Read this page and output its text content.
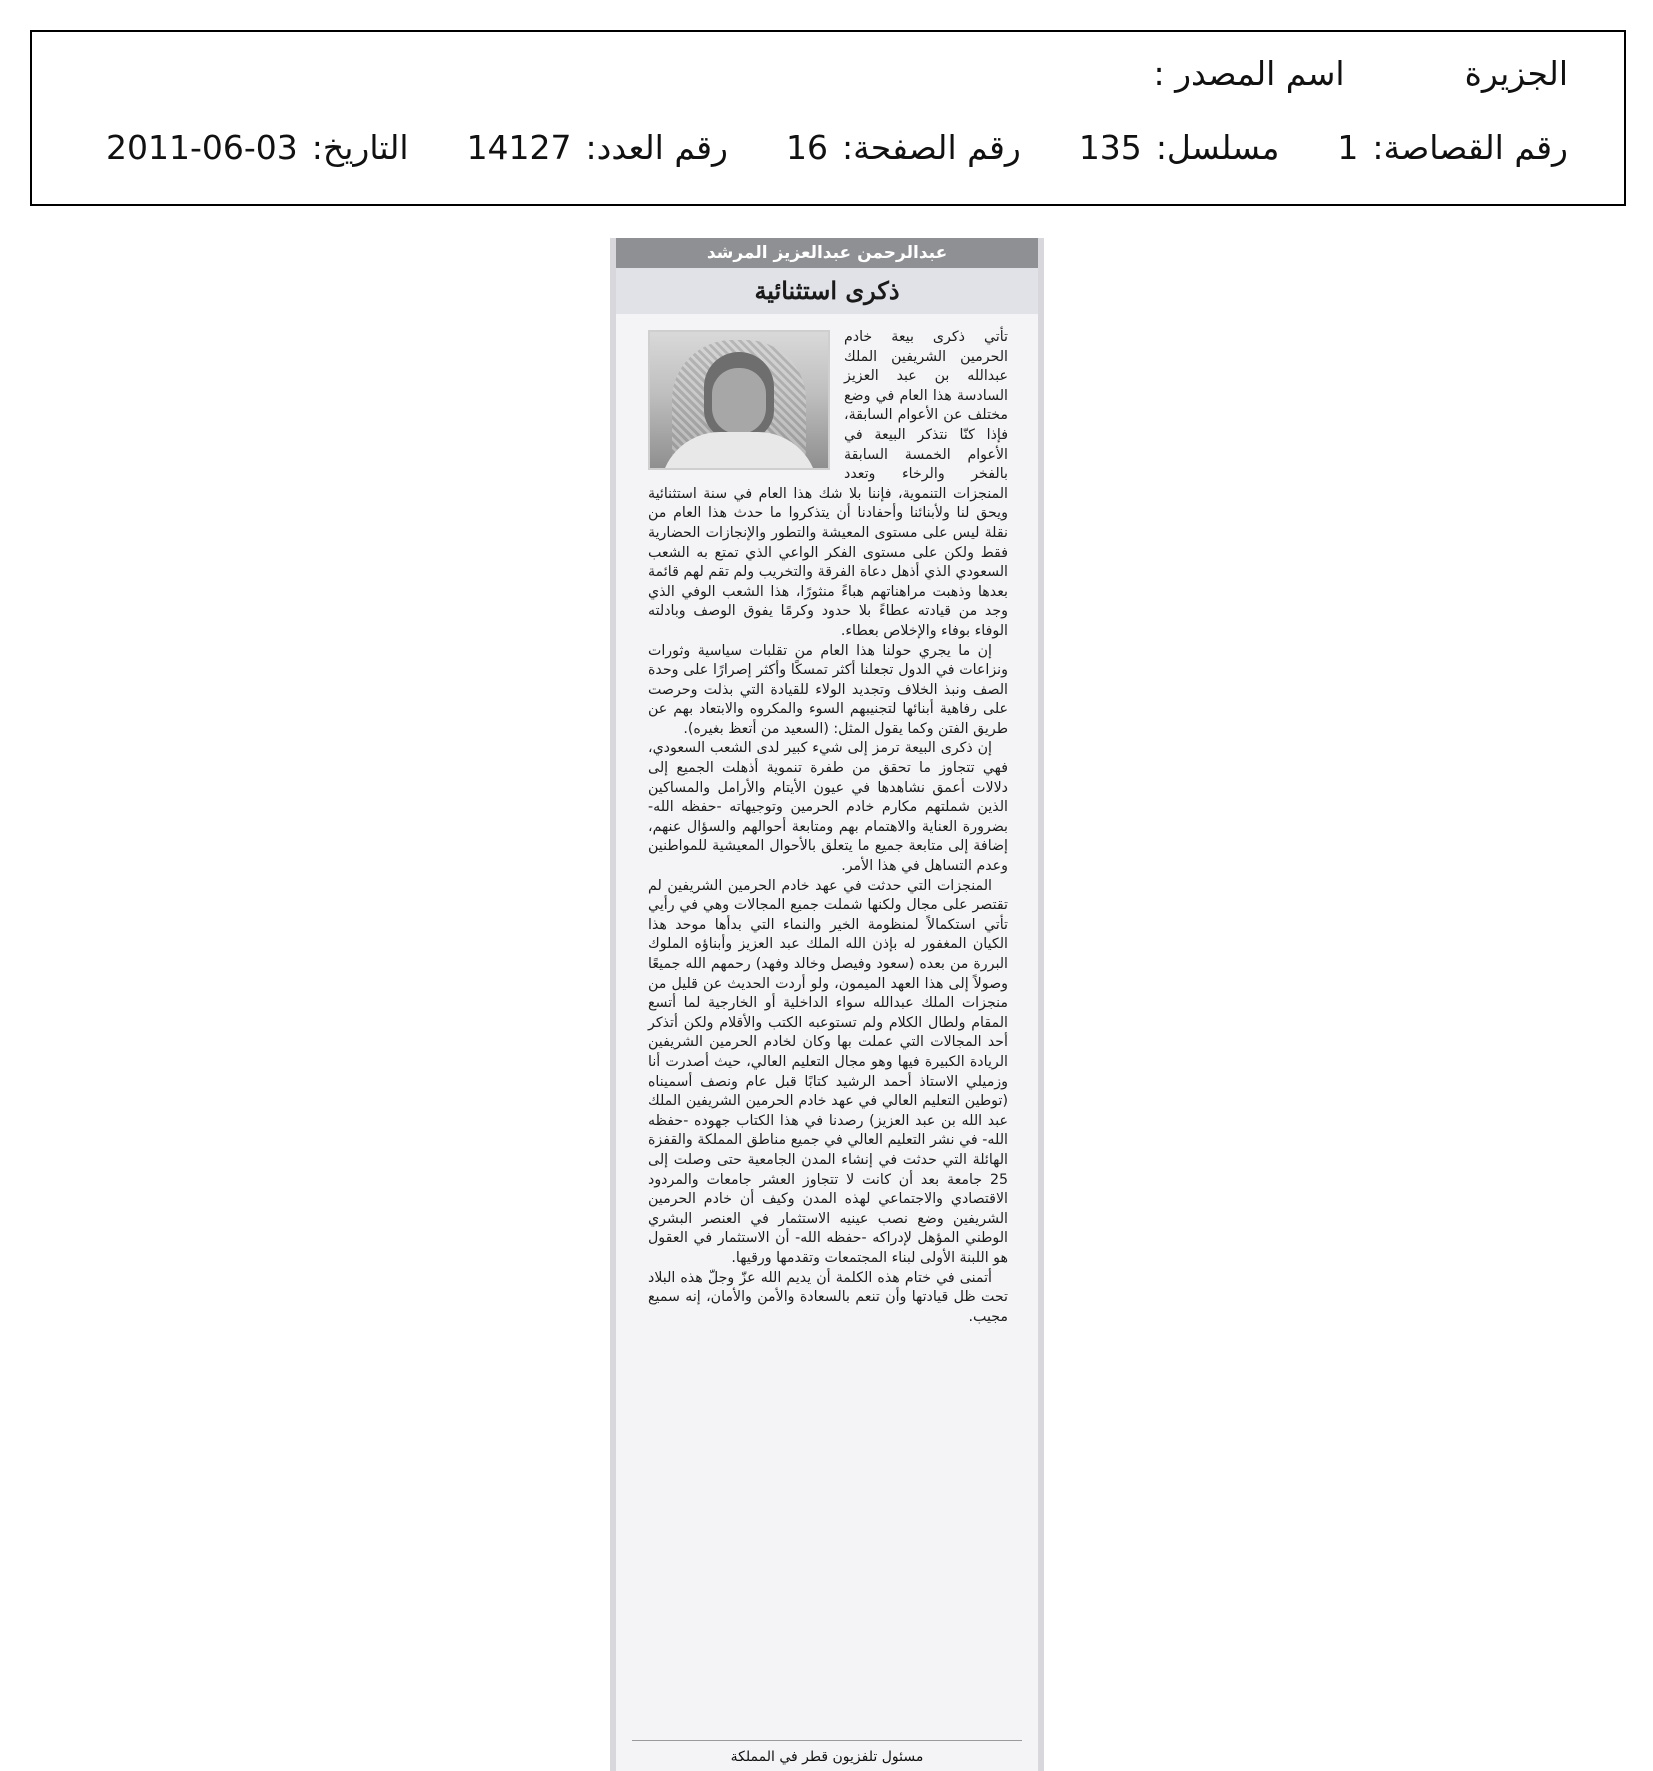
اسم المصدر :	الجزيرة
التاريخ:
2011-06-03	رقم العدد:
14127	رقم الصفحة:
16	مسلسل:
135	رقم القصاصة:
1
عبدالرحمن عبدالعزيز المرشد
ذكرى استثنائية

تأتي ذكرى بيعة خادم الحرمين الشريفين الملك عبدالله بن عبد العزيز السادسة هذا العام في وضع مختلف عن الأعوام السابقة، فإذا كنّا نتذكر البيعة في الأعوام الخمسة السابقة بالفخر والرخاء وتعدد المنجزات التنموية، فإننا بلا شك هذا العام في سنة استثنائية ويحق لنا ولأبنائنا وأحفادنا أن يتذكروا ما حدث هذا العام من نقلة ليس على مستوى المعيشة والتطور والإنجازات الحضارية فقط ولكن على مستوى الفكر الواعي الذي تمتع به الشعب السعودي الذي أذهل دعاة الفرقة والتخريب ولم تقم لهم قائمة بعدها وذهبت مراهناتهم هباءً منثورًا، هذا الشعب الوفي الذي وجد من قيادته عطاءً بلا حدود وكرمًا يفوق الوصف وبادلته الوفاء بوفاء والإخلاص بعطاء.

إن ما يجري حولنا هذا العام من تقلبات سياسية وثورات ونزاعات في الدول تجعلنا أكثر تمسكًا وأكثر إصرارًا على وحدة الصف ونبذ الخلاف وتجديد الولاء للقيادة التي بذلت وحرصت على رفاهية أبنائها لتجنيبهم السوء والمكروه والابتعاد بهم عن طريق الفتن وكما يقول المثل: (السعيد من أتعظ بغيره).

إن ذكرى البيعة ترمز إلى شيء كبير لدى الشعب السعودي، فهي تتجاوز ما تحقق من طفرة تنموية أذهلت الجميع إلى دلالات أعمق نشاهدها في عيون الأيتام والأرامل والمساكين الذين شملتهم مكارم خادم الحرمين وتوجيهاته -حفظه الله- بضرورة العناية والاهتمام بهم ومتابعة أحوالهم والسؤال عنهم، إضافة إلى متابعة جميع ما يتعلق بالأحوال المعيشية للمواطنين وعدم التساهل في هذا الأمر.

المنجزات التي حدثت في عهد خادم الحرمين الشريفين لم تقتصر على مجال ولكنها شملت جميع المجالات وهي في رأيي تأتي استكمالاً لمنظومة الخير والنماء التي بدأها موحد هذا الكيان المغفور له بإذن الله الملك عبد العزيز وأبناؤه الملوك البررة من بعده (سعود وفيصل وخالد وفهد) رحمهم الله جميعًا وصولاً إلى هذا العهد الميمون، ولو أردت الحديث عن قليل من منجزات الملك عبدالله سواء الداخلية أو الخارجية لما أتسع المقام ولطال الكلام ولم تستوعبه الكتب والأقلام ولكن أتذكر أحد المجالات التي عملت بها وكان لخادم الحرمين الشريفين الريادة الكبيرة فيها وهو مجال التعليم العالي، حيث أصدرت أنا وزميلي الاستاذ أحمد الرشيد كتابًا قبل عام ونصف أسميناه (توطين التعليم العالي في عهد خادم الحرمين الشريفين الملك عبد الله بن عبد العزيز) رصدنا في هذا الكتاب جهوده -حفظه الله- في نشر التعليم العالي في جميع مناطق المملكة والقفزة الهائلة التي حدثت في إنشاء المدن الجامعية حتى وصلت إلى 25 جامعة بعد أن كانت لا تتجاوز العشر جامعات والمردود الاقتصادي والاجتماعي لهذه المدن وكيف أن خادم الحرمين الشريفين وضع نصب عينيه الاستثمار في العنصر البشري الوطني المؤهل لإدراكه -حفظه الله- أن الاستثمار في العقول هو اللبنة الأولى لبناء المجتمعات وتقدمها ورقيها.

أتمنى في ختام هذه الكلمة أن يديم الله عزّ وجلّ هذه البلاد تحت ظل قيادتها وأن تنعم بالسعادة والأمن والأمان، إنه سميع مجيب.

مسئول تلفزيون قطر في المملكة
